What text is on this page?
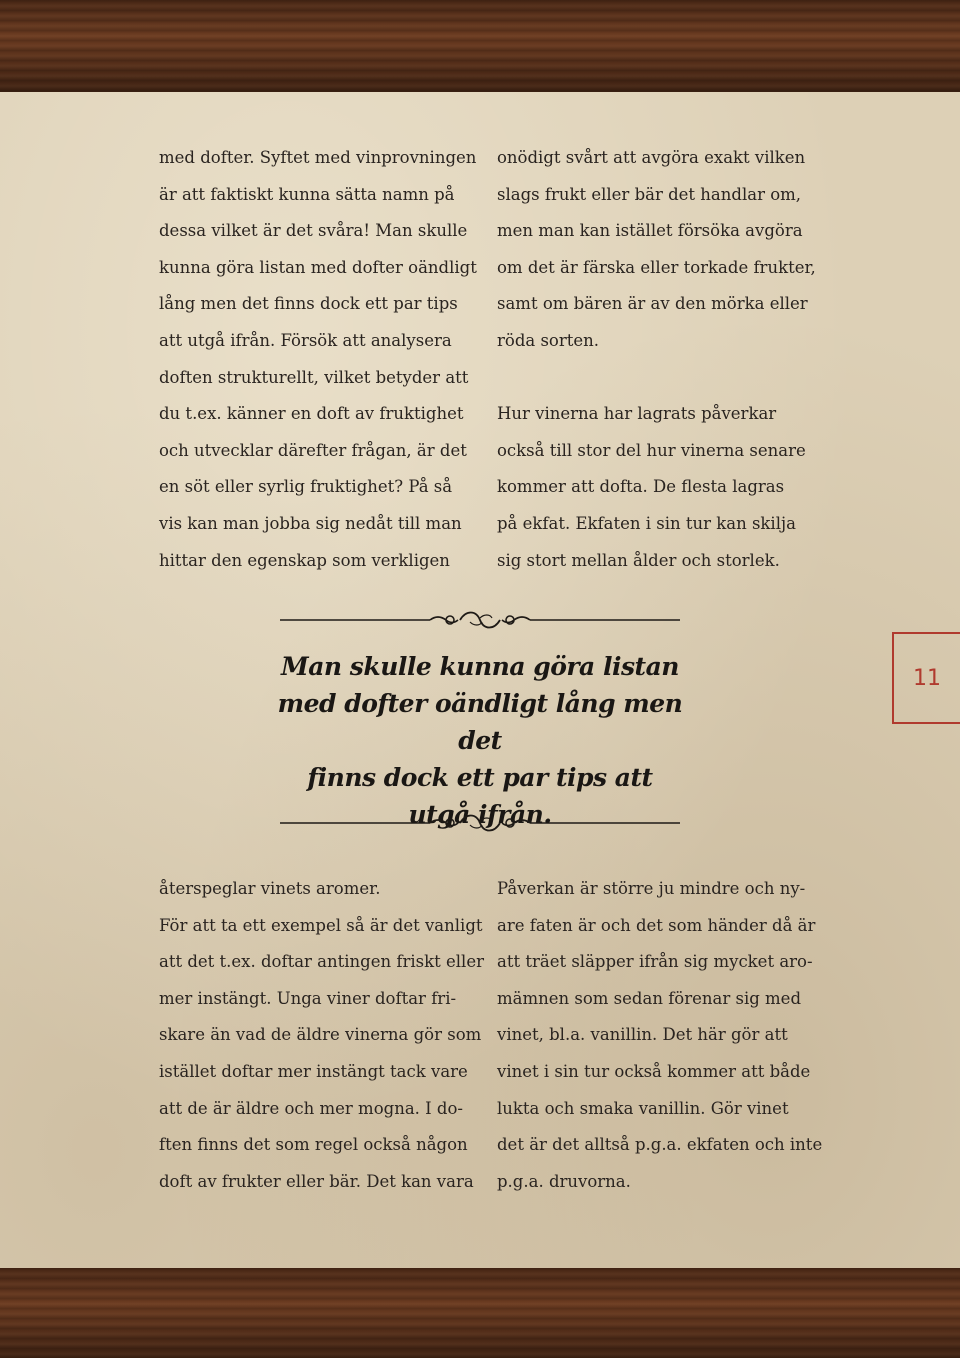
med dofter. Syftet med vinprovningen
är att faktiskt kunna sätta namn på
dessa vilket är det svåra! Man skulle
kunna göra listan med dofter oändligt
lång men det finns dock ett par tips
att utgå ifrån. Försök att analysera
doften strukturellt, vilket betyder att
du t.ex. känner en doft av fruktighet
och utvecklar därefter frågan, är det
en söt eller syrlig fruktighet? På så
vis kan man jobba sig nedåt till man
hittar den egenskap som verkligen
onödigt svårt att avgöra exakt vilken
slags frukt eller bär det handlar om,
men man kan istället försöka avgöra
om det är färska eller torkade frukter,
samt om bären är av den mörka eller
röda sorten.
Hur vinerna har lagrats påverkar
också till stor del hur vinerna senare
kommer att dofta. De flesta lagras
på ekfat. Ekfaten i sin tur kan skilja
sig stort mellan ålder och storlek.
Man skulle kunna göra listan
med dofter oändligt lång men det
finns dock ett par tips att
utgå ifrån.
11
återspeglar vinets aromer.
För att ta ett exempel så är det vanligt
att det t.ex. doftar antingen friskt eller
mer instängt. Unga viner doftar fri-
skare än vad de äldre vinerna gör som
istället doftar mer instängt tack vare
att de är äldre och mer mogna. I do-
ften finns det som regel också någon
doft av frukter eller bär. Det kan vara
Påverkan är större ju mindre och ny-
are faten är och det som händer då är
att träet släpper ifrån sig mycket aro-
mämnen som sedan förenar sig med
vinet, bl.a. vanillin. Det här gör att
vinet i sin tur också kommer att både
lukta och smaka vanillin. Gör vinet
det är det alltså p.g.a. ekfaten och inte
p.g.a. druvorna.
